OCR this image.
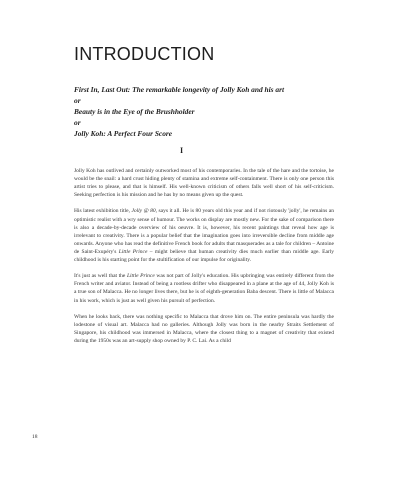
INTRODUCTION
First In, Last Out: The remarkable longevity of Jolly Koh and his art
or
Beauty is in the Eye of the Brushholder
or
Jolly Koh: A Perfect Four Score
I

Jolly Koh has outlived and certainly outworked most of his contemporaries. In the tale of the hare and the tortoise, he would be the snail: a hard crust hiding plenty of stamina and extreme self-containment. There is only one person this artist tries to please, and that is himself. His well-known criticism of others falls well short of his self-criticism. Seeking perfection is his mission and he has by no means given up the quest.

His latest exhibition title, Jolly @ 80, says it all. He is 80 years old this year and if not riotously 'jolly', he remains an optimistic realist with a wry sense of humour. The works on display are mostly new. For the sake of comparison there is also a decade-by-decade overview of his oeuvre. It is, however, his recent paintings that reveal how age is irrelevant to creativity. There is a popular belief that the imagination goes into irreversible decline from middle age onwards. Anyone who has read the definitive French book for adults that masquerades as a tale for children – Antoine de Saint-Exupéry's Little Prince – might believe that human creativity dies much earlier than middle age. Early childhood is his starting point for the stultification of our impulse for originality.

It's just as well that the Little Prince was not part of Jolly's education. His upbringing was entirely different from the French writer and aviator. Instead of being a rootless drifter who disappeared in a plane at the age of 44, Jolly Koh is a true son of Malacca. He no longer lives there, but he is of eighth-generation Baba descent. There is little of Malacca in his work, which is just as well given his pursuit of perfection.

When he looks back, there was nothing specific to Malacca that drove him on. The entire peninsula was hardly the lodestone of visual art. Malacca had no galleries. Although Jolly was born in the nearby Straits Settlement of Singapore, his childhood was immersed in Malacca, where the closest thing to a magnet of creativity that existed during the 1950s was an art-supply shop owned by P. C. Lai. As a child

18
